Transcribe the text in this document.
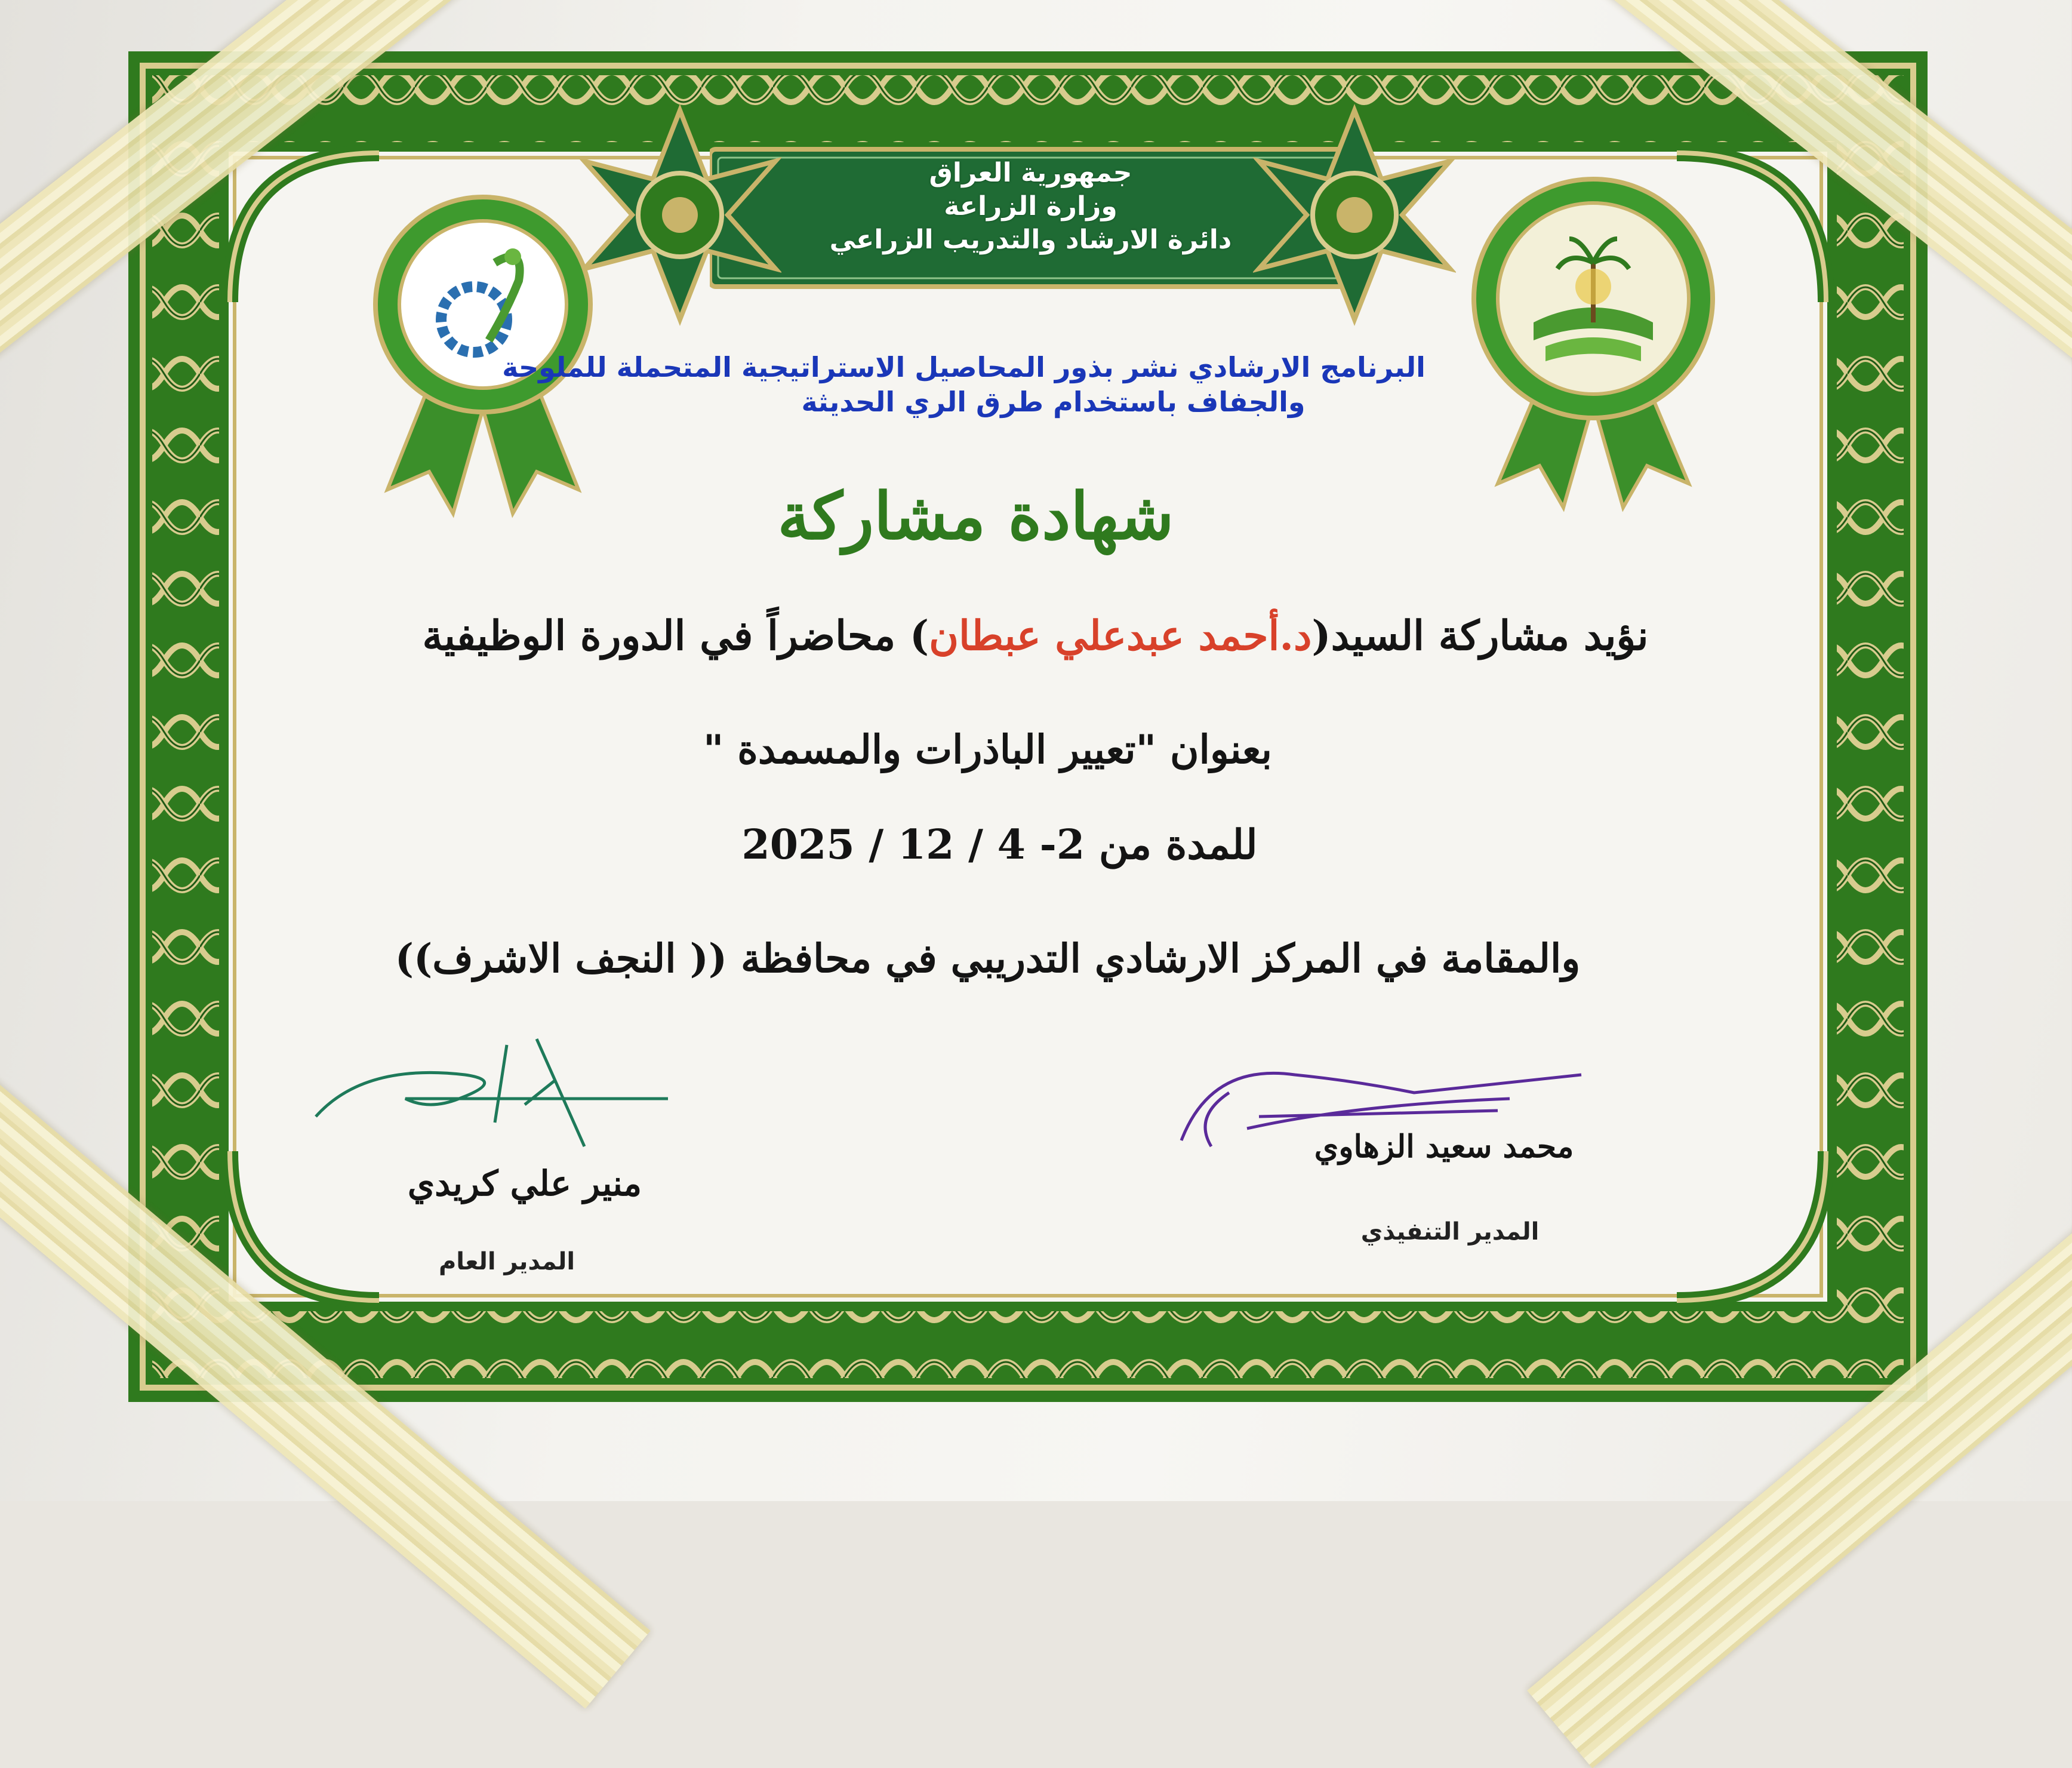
جمهورية العراق
وزارة الزراعة
دائرة الارشاد والتدريب الزراعي
البرنامج الارشادي نشر بذور المحاصيل الاستراتيجية المتحملة للملوحة
والجفاف باستخدام طرق الري الحديثة
شهادة مشاركة
نؤيد مشاركة السيد(د.أحمد عبدعلي عبطان) محاضراً في الدورة الوظيفية
بعنوان "تعيير الباذرات والمسمدة "
للمدة من 2- 4 / 12 / 2025
والمقامة في المركز الارشادي التدريبي في محافظة (( النجف الاشرف))
منير علي كريدي
المدير العام
محمد سعيد الزهاوي
المدير التنفيذي
